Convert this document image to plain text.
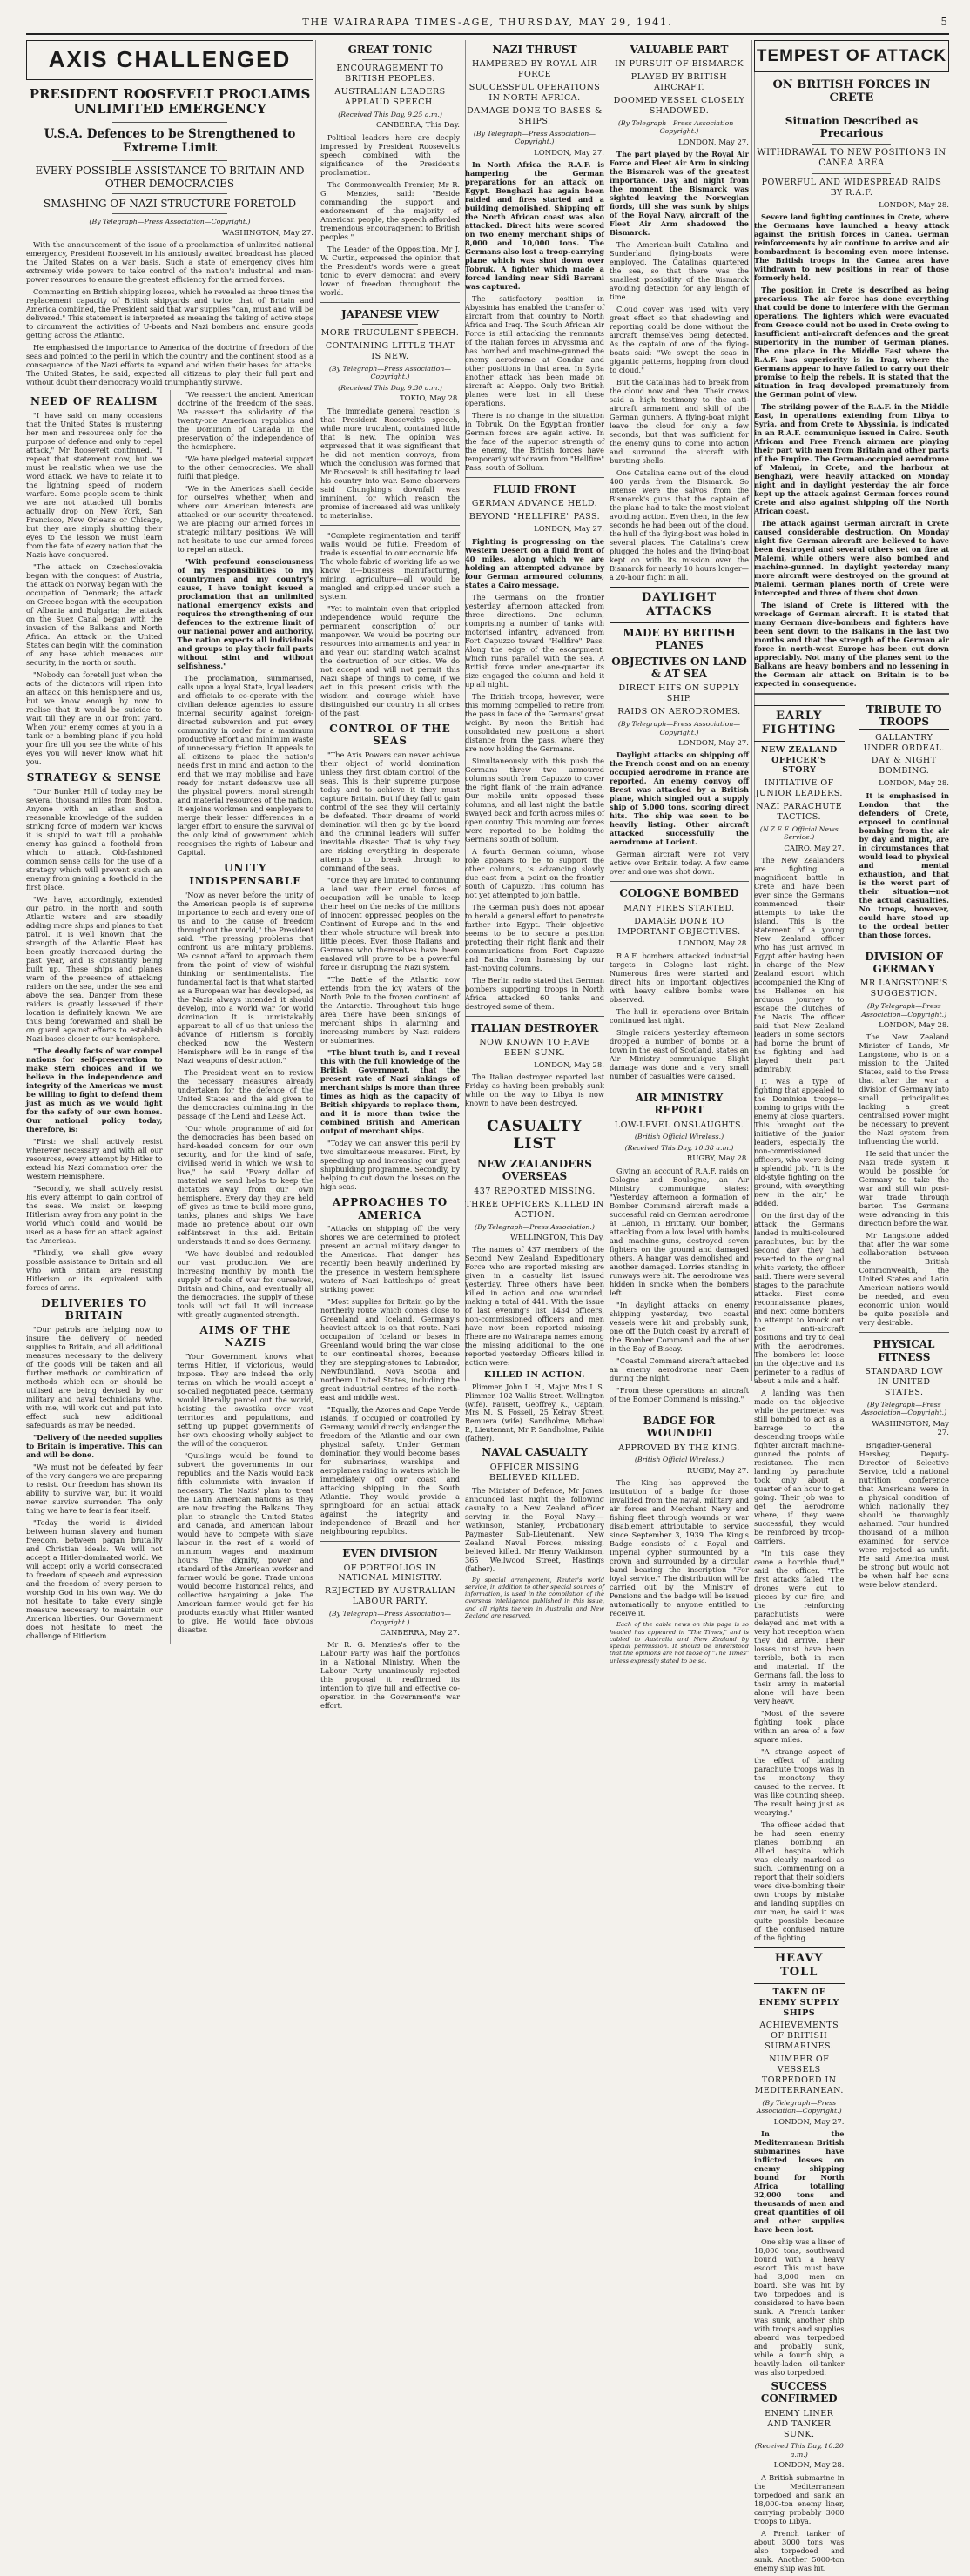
THE WAIRARAPA TIMES-AGE, THURSDAY, MAY 29, 1941.	5
AXIS CHALLENGED
PRESIDENT ROOSEVELT PROCLAIMS UNLIMITED EMERGENCY
U.S.A. Defences to be Strengthened to Extreme Limit
EVERY POSSIBLE ASSISTANCE TO BRITAIN AND OTHER DEMOCRACIES
SMASHING OF NAZI STRUCTURE FORETOLD
(By Telegraph—Press Association—Copyright.)
WASHINGTON, May 27.

With the announcement of the issue of a proclamation of unlimited national emergency, President Roosevelt in his anxiously awaited broadcast has placed the United States on a war basis. Such a state of emergency gives him extremely wide powers to take control of the nation's industrial and man-power resources to ensure the greatest efficiency for the armed forces.

Commenting on British shipping losses, which he revealed as three times the replacement capacity of British shipyards and twice that of Britain and America combined, the President said that war supplies "can, must and will be delivered." This statement is interpreted as meaning the taking of active steps to circumvent the activities of U-boats and Nazi bombers and ensure goods getting across the Atlantic.

He emphasised the importance to America of the doctrine of freedom of the seas and pointed to the peril in which the country and the continent stood as a consequence of the Nazi efforts to expand and widen their bases for attacks. The United States, he said, expected all citizens to play their full part and without doubt their democracy would triumphantly survive.

NEED OF REALISM

"I have said on many occasions that the United States is mustering her men and resources only for the purpose of defence and only to repel attack," Mr Roosevelt continued. "I repeat that statement now, but we must be realistic when we use the word attack. We have to relate it to the lightning speed of modern warfare. Some people seem to think we are not attacked till bombs actually drop on New York, San Francisco, New Orleans or Chicago, but they are simply shutting their eyes to the lesson we must learn from the fate of every nation that the Nazis have conquered.

"The attack on Czechoslovakia began with the conquest of Austria, the attack on Norway began with the occupation of Denmark; the attack on Greece began with the occupation of Albania and Bulgaria; the attack on the Suez Canal began with the invasion of the Balkans and North Africa. An attack on the United States can begin with the domination of any base which menaces our security, in the north or south.

"Nobody can foretell just when the acts of the dictators will ripen into an attack on this hemisphere and us, but we know enough by now to realise that it would be suicide to wait till they are in our front yard. When your enemy comes at you in a tank or a bombing plane if you hold your fire till you see the white of his eyes you will never know what hit you.

STRATEGY & SENSE

"Our Bunker Hill of today may be several thousand miles from Boston. Anyone with an atlas and a reasonable knowledge of the sudden striking force of modern war knows it is stupid to wait till a probable enemy has gained a foothold from which to attack. Old-fashioned common sense calls for the use of a strategy which will prevent such an enemy from gaining a foothold in the first place.

"We have, accordingly, extended our patrol in the north and south Atlantic waters and are steadily adding more ships and planes to that patrol. It is well known that the strength of the Atlantic Fleet has been greatly increased during the past year, and is constantly being built up. These ships and planes warn of the presence of attacking raiders on the sea, under the sea and above the sea. Danger from these raiders is greatly lessened if their location is definitely known. We are thus being forewarned and shall be on guard against efforts to establish Nazi bases closer to our hemisphere.

"The deadly facts of war compel nations for self-preservation to make stern choices and if we believe in the independence and integrity of the Americas we must be willing to fight to defend them just as much as we would fight for the safety of our own homes. Our national policy today, therefore, is:

"First: we shall actively resist wherever necessary and with all our resources, every attempt by Hitler to extend his Nazi domination over the Western Hemisphere.

"Secondly, we shall actively resist his every attempt to gain control of the seas. We insist on keeping Hitlerism away from any point in the world which could and would be used as a base for an attack against the Americas.

"Thirdly, we shall give every possible assistance to Britain and all who with Britain are resisting Hitlerism or its equivalent with forces of arms.

DELIVERIES TO BRITAIN

"Our patrols are helping now to insure the delivery of needed supplies to Britain, and all additional measures necessary to the delivery of the goods will be taken and all further methods or combination of methods which can or should be utilised are being devised by our military and naval technicians who, with me, will work out and put into effect such new additional safeguards as may be needed.

"Delivery of the needed supplies to Britain is imperative. This can and will be done.

"We must not be defeated by fear of the very dangers we are preparing to resist. Our freedom has shown its ability to survive war, but it would never survive surrender. The only thing we have to fear is fear itself.

"Today the world is divided between human slavery and human freedom, between pagan brutality and Christian ideals. We will not accept a Hitler-dominated world. We will accept only a world consecrated to freedom of speech and expression and the freedom of every person to worship God in his own way. We do not hesitate to take every single measure necessary to maintain our American liberties. Our Government does not hesitate to meet the challenge of Hitlerism.

"We reassert the ancient American doctrine of the freedom of the seas. We reassert the solidarity of the twenty-one American republics and the Dominion of Canada in the preservation of the independence of the hemisphere.

"We have pledged material support to the other democracies. We shall fulfil that pledge.

"We in the Americas shall decide for ourselves whether, when and where our American interests are attacked or our security threatened. We are placing our armed forces in strategic military positions. We will not hesitate to use our armed forces to repel an attack.

"With profound consciousness of my responsibilities to my countrymen and my country's cause, I have tonight issued a proclamation that an unlimited national emergency exists and requires the strengthening of our defences to the extreme limit of our national power and authority. The nation expects all individuals and groups to play their full parts without stint and without selfishness."

The proclamation, summarised, calls upon a loyal State, loyal leaders and officials to co-operate with the civilian defence agencies to assure internal security against foreign-directed subversion and put every community in order for a maximum productive effort and minimum waste of unnecessary friction. It appeals to all citizens to place the nation's needs first in mind and action to the end that we may mobilise and have ready for instant defensive use all the physical powers, moral strength and material resources of the nation. It enjoins workmen and employers to merge their lesser differences in a larger effort to ensure the survival of the only kind of government which recognises the rights of Labour and Capital.

UNITY INDISPENSABLE

"Now as never before the unity of the American people is of supreme importance to each and every one of us and to the cause of freedom throughout the world," the President said. "The pressing problems that confront us are military problems. We cannot afford to approach them from the point of view of wishful thinking or sentimentalists. The fundamental fact is that what started as a European war has developed, as the Nazis always intended it should develop, into a world war for world domination. It is unmistakably apparent to all of us that unless the advance of Hitlerism is forcibly checked now the Western Hemisphere will be in range of the Nazi weapons of destruction."

The President went on to review the necessary measures already undertaken for the defence of the United States and the aid given to the democracies culminating in the passage of the Lend and Lease Act.

"Our whole programme of aid for the democracies has been based on hard-headed concern for our own security, and for the kind of safe, civilised world in which we wish to live," he said. "Every dollar of material we send helps to keep the dictators away from our own hemisphere. Every day they are held off gives us time to build more guns, tanks, planes and ships. We have made no pretence about our own self-interest in this aid. Britain understands it and so does Germany.

"We have doubled and redoubled our vast production. We are increasing monthly by month the supply of tools of war for ourselves, Britain and China, and eventually all the democracies. The supply of these tools will not fail. It will increase with greatly augmented strength.

AIMS OF THE NAZIS

"Your Government knows what terms Hitler, if victorious, would impose. They are indeed the only terms on which he would accept a so-called negotiated peace. Germany would literally parcel out the world, hoisting the swastika over vast territories and populations, and setting up puppet governments of her own choosing wholly subject to the will of the conqueror.

"Quislings would be found to subvert the governments in our republics, and the Nazis would back fifth columnists with invasion if necessary. The Nazis' plan to treat the Latin American nations as they are now treating the Balkans. They plan to strangle the United States and Canada, and American labour would have to compete with slave labour in the rest of a world of minimum wages and maximum hours. The dignity, power and standard of the American worker and farmer would be gone. Trade unions would become historical relics, and collective bargaining a joke. The American farmer would get for his products exactly what Hitler wanted to give. He would face obvious disaster.

GREAT TONIC
ENCOURAGEMENT TO BRITISH PEOPLES.
AUSTRALIAN LEADERS APPLAUD SPEECH.
(Received This Day, 9.25 a.m.)
CANBERRA, This Day.

Political leaders here are deeply impressed by President Roosevelt's speech combined with the significance of the President's proclamation.

The Commonwealth Premier, Mr R. G. Menzies, said: "Beside commanding the support and endorsement of the majority of American people, the speech afforded tremendous encouragement to British peoples."

The Leader of the Opposition, Mr J. W. Curtin, expressed the opinion that the President's words were a great tonic to every democrat and every lover of freedom throughout the world.

JAPANESE VIEW
MORE TRUCULENT SPEECH.
CONTAINING LITTLE THAT IS NEW.
(By Telegraph—Press Association—Copyright.)
(Received This Day, 9.30 a.m.)
TOKIO, May 28.

The immediate general reaction is that President Roosevelt's speech, while more truculent, contained little that is new. The opinion was expressed that it was significant that he did not mention convoys, from which the conclusion was formed that Mr Roosevelt is still hesitating to lead his country into war. Some observers said Chungking's downfall was imminent, for which reason the promise of increased aid was unlikely to materialise.

"Complete regimentation and tariff walls would be futile. Freedom of trade is essential to our economic life. The whole fabric of working life as we know it—business manufacturing, mining, agriculture—all would be mangled and crippled under such a system.

"Yet to maintain even that crippled independence would require the permanent conscription of our manpower. We would be pouring our resources into armaments and year in and year out standing watch against the destruction of our cities. We do not accept and will not permit this Nazi shape of things to come, if we act in this present crisis with the wisdom and courage which have distinguished our country in all crises of the past.

CONTROL OF THE SEAS

"The Axis Powers can never achieve their object of world domination unless they first obtain control of the seas. This is their supreme purpose today and to achieve it they must capture Britain. But if they fail to gain control of the sea they will certainly be defeated. Their dreams of world domination will then go by the board and the criminal leaders will suffer inevitable disaster. That is why they are risking everything in desperate attempts to break through to command of the seas.

"Once they are limited to continuing a land war their cruel forces of occupation will be unable to keep their heel on the necks of the millions of innocent oppressed peoples on the Continent of Europe and in the end their whole structure will break into little pieces. Even those Italians and Germans who themselves have been enslaved will prove to be a powerful force in disrupting the Nazi system.

"The Battle of the Atlantic now extends from the icy waters of the North Pole to the frozen continent of the Antarctic. Throughout this huge area there have been sinkings of merchant ships in alarming and increasing numbers by Nazi raiders or submarines.

"The blunt truth is, and I reveal this with the full knowledge of the British Government, that the present rate of Nazi sinkings of merchant ships is more than three times as high as the capacity of British shipyards to replace them, and it is more than twice the combined British and American output of merchant ships.

"Today we can answer this peril by two simultaneous measures. First, by speeding up and increasing our great shipbuilding programme. Secondly, by helping to cut down the losses on the high seas.

APPROACHES TO AMERICA

"Attacks on shipping off the very shores we are determined to protect present an actual military danger to the Americas. That danger has recently been heavily underlined by the presence in western hemisphere waters of Nazi battleships of great striking power.

"Most supplies for Britain go by the northerly route which comes close to Greenland and Iceland. Germany's heaviest attack is on that route. Nazi occupation of Iceland or bases in Greenland would bring the war close to our continental shores, because they are stepping-stones to Labrador, Newfoundland, Nova Scotia and northern United States, including the great industrial centres of the north-east and middle west.

"Equally, the Azores and Cape Verde Islands, if occupied or controlled by Germany, would directly endanger the freedom of the Atlantic and our own physical safety. Under German domination they would become bases for submarines, warships and aeroplanes raiding in waters which lie immediately off our coast and attacking shipping in the South Atlantic. They would provide a springboard for an actual attack against the integrity and independence of Brazil and her neighbouring republics.

EVEN DIVISION
OF PORTFOLIOS IN NATIONAL MINISTRY.
REJECTED BY AUSTRALIAN LABOUR PARTY.
(By Telegraph—Press Association—Copyright.)
CANBERRA, May 27.

Mr R. G. Menzies's offer to the Labour Party was half the portfolios in a National Ministry. When the Labour Party unanimously rejected this proposal it reaffirmed its intention to give full and effective co-operation in the Government's war effort.

NAZI THRUST
HAMPERED BY ROYAL AIR FORCE
SUCCESSFUL OPERATIONS IN NORTH AFRICA.
DAMAGE DONE TO BASES & SHIPS.
(By Telegraph—Press Association—Copyright.)
LONDON, May 27.

In North Africa the R.A.F. is hampering the German preparations for an attack on Egypt. Benghazi has again been raided and fires started and a building demolished. Shipping off the North African coast was also attacked. Direct hits were scored on two enemy merchant ships of 8,000 and 10,000 tons. The Germans also lost a troop-carrying plane which was shot down over Tobruk. A fighter which made a forced landing near Sidi Barrani was captured.

The satisfactory position in Abyssinia has enabled the transfer of aircraft from that country to North Africa and Iraq. The South African Air Force is still attacking the remnants of the Italian forces in Abyssinia and has bombed and machine-gunned the enemy aerodrome at Gondar and other positions in that area. In Syria another attack has been made on aircraft at Aleppo. Only two British planes were lost in all these operations.

There is no change in the situation in Tobruk. On the Egyptian frontier German forces are again active. In the face of the superior strength of the enemy, the British forces have temporarily withdrawn from "Hellfire" Pass, south of Sollum.

FLUID FRONT
GERMAN ADVANCE HELD.
BEYOND "HELLFIRE" PASS.
LONDON, May 27.

Fighting is progressing on the Western Desert on a fluid front of 40 miles, along which we are holding an attempted advance by four German armoured columns, states a Cairo message.

The Germans on the frontier yesterday afternoon attacked from three directions. One column, comprising a number of tanks with motorised infantry, advanced from Fort Capuzzo toward "Hellfire" Pass. Along the edge of the escarpment, which runs parallel with the sea. A British force under one-quarter its size engaged the column and held it up all night.

The British troops, however, were this morning compelled to retire from the pass in face of the Germans' great weight. By noon the British had consolidated new positions a short distance from the pass, where they are now holding the Germans.

Simultaneously with this push the Germans threw two armoured columns south from Capuzzo to cover the right flank of the main advance. Our mobile units opposed these columns, and all last night the battle swayed back and forth across miles of open country. This morning our forces were reported to be holding the Germans south of Sollum.

A fourth German column, whose role appears to be to support the other columns, is advancing slowly due east from a point on the frontier south of Capuzzo. This column has not yet attempted to join battle.

The German push does not appear to herald a general effort to penetrate farther into Egypt. Their objective seems to be to secure a position protecting their right flank and their communications from Fort Capuzzo and Bardia from harassing by our fast-moving columns.

The Berlin radio stated that German bombers supporting troops in North Africa attacked 60 tanks and destroyed some of them.

ITALIAN DESTROYER
NOW KNOWN TO HAVE BEEN SUNK.
LONDON, May 28.

The Italian destroyer reported last Friday as having been probably sunk while on the way to Libya is now known to have been destroyed.

CASUALTY LIST
NEW ZEALANDERS OVERSEAS
437 REPORTED MISSING.
THREE OFFICERS KILLED IN ACTION.
(By Telegraph—Press Association.)
WELLINGTON, This Day.

The names of 437 members of the Second New Zealand Expeditionary Force who are reported missing are given in a casualty list issued yesterday. Three others have been killed in action and one wounded, making a total of 441. With the issue of last evening's list 1434 officers, non-commissioned officers and men have now been reported missing. There are no Wairarapa names among the missing additional to the one reported yesterday. Officers killed in action were:

KILLED IN ACTION.

Plimmer, John L. H., Major, Mrs I. S. Plimmer, 102 Wallis Street, Wellington (wife). Fausett, Geoffrey K., Captain, Mrs M. S. Fossell, 25 Kelray Street, Remuera (wife). Sandholme, Michael P., Lieutenant, Mr P. Sandholme, Paihia (father).

NAVAL CASUALTY
OFFICER MISSING BELIEVED KILLED.

The Minister of Defence, Mr Jones, announced last night the following casualty to a New Zealand officer serving in the Royal Navy:— Watkinson, Stanley, Probationary Paymaster Sub-Lieutenant, New Zealand Naval Forces, missing, believed killed. Mr Henry Watkinson, 365 Wellwood Street, Hastings (father).

By special arrangement, Reuter's world service, in addition to other special sources of information, is used in the compilation of the overseas intelligence published in this issue, and all rights therein in Australia and New Zealand are reserved.

VALUABLE PART
IN PURSUIT OF BISMARCK
PLAYED BY BRITISH AIRCRAFT.
DOOMED VESSEL CLOSELY SHADOWED.
(By Telegraph—Press Association—Copyright.)
LONDON, May 27.

The part played by the Royal Air Force and Fleet Air Arm in sinking the Bismarck was of the greatest importance. Day and night from the moment the Bismarck was sighted leaving the Norwegian fiords, till she was sunk by ships of the Royal Navy, aircraft of the Fleet Air Arm shadowed the Bismarck.

The American-built Catalina and Sunderland flying-boats were employed. The Catalinas quartered the sea, so that there was the smallest possibility of the Bismarck avoiding detection for any length of time.

Cloud cover was used with very great effect so that shadowing and reporting could be done without the aircraft themselves being detected. As the captain of one of the flying-boats said: "We swept the seas in gigantic patterns, hopping from cloud to cloud."

But the Catalinas had to break from the cloud now and then. Their crews said a high testimony to the anti-aircraft armament and skill of the German gunners. A flying-boat might leave the cloud for only a few seconds, but that was sufficient for the enemy guns to come into action and surround the aircraft with bursting shells.

One Catalina came out of the cloud 400 yards from the Bismarck. So intense were the salvos from the Bismarck's guns that the captain of the plane had to take the most violent avoiding action. Even then, in the few seconds he had been out of the cloud, the hull of the flying-boat was holed in several places. The Catalina's crew plugged the holes and the flying-boat kept on with its mission over the Bismarck for nearly 10 hours longer—a 20-hour flight in all.

DAYLIGHT ATTACKS
MADE BY BRITISH PLANES
OBJECTIVES ON LAND & AT SEA
DIRECT HITS ON SUPPLY SHIP.
RAIDS ON AERODROMES.
(By Telegraph—Press Association—Copyright.)
LONDON, May 27.

Daylight attacks on shipping off the French coast and on an enemy occupied aerodrome in France are reported. An enemy convoy off Brest was attacked by a British plane, which singled out a supply ship of 5,000 tons, scoring direct hits. The ship was seen to be heavily listing. Other aircraft attacked successfully the aerodrome at Lorient.

German aircraft were not very active over Britain today. A few came over and one was shot down.

COLOGNE BOMBED
MANY FIRES STARTED.
DAMAGE DONE TO IMPORTANT OBJECTIVES.
LONDON, May 28.

R.A.F. bombers attacked industrial targets in Cologne last night. Numerous fires were started and direct hits on important objectives with heavy calibre bombs were observed.

The hull in operations over Britain continued last night.

Single raiders yesterday afternoon dropped a number of bombs on a town in the east of Scotland, states an Air Ministry communique. Slight damage was done and a very small number of casualties were caused.

AIR MINISTRY REPORT
LOW-LEVEL ONSLAUGHTS.
(British Official Wireless.)
(Received This Day, 10.38 a.m.)
RUGBY, May 28.

Giving an account of R.A.F. raids on Cologne and Boulogne, an Air Ministry communique states: "Yesterday afternoon a formation of Bomber Command aircraft made a successful raid on German aerodrome at Lanion, in Brittany. Our bomber, attacking from a low level with bombs and machine-guns, destroyed seven fighters on the ground and damaged others. A hangar was demolished and another damaged. Lorries standing in runways were hit. The aerodrome was hidden in smoke when the bombers left.

"In daylight attacks on enemy shipping yesterday, two coastal vessels were hit and probably sunk, one off the Dutch coast by aircraft of the Bomber Command and the other in the Bay of Biscay.

"Coastal Command aircraft attacked an enemy aerodrome near Caen during the night.

"From these operations an aircraft of the Bomber Command is missing."

BADGE FOR WOUNDED
APPROVED BY THE KING.
(British Official Wireless.)
RUGBY, May 27.

The King has approved the institution of a badge for those invalided from the naval, military and air forces and Merchant Navy and fishing fleet through wounds or war disablement attributable to service since September 3, 1939. The King's Badge consists of a Royal and Imperial cypher surmounted by a crown and surrounded by a circular band bearing the inscription "For loyal service." The distribution will be carried out by the Ministry of Pensions and the badge will be issued automatically to anyone entitled to receive it.

Each of the cable news on this page is so headed has appeared in "The Times," and is cabled to Australia and New Zealand by special permission. It should be understood that the opinions are not those of "The Times" unless expressly stated to be so.

TEMPEST OF ATTACK
ON BRITISH FORCES IN CRETE
Situation Described as Precarious
WITHDRAWAL TO NEW POSITIONS IN CANEA AREA
POWERFUL AND WIDESPREAD RAIDS BY R.A.F.
LONDON, May 28.

Severe land fighting continues in Crete, where the Germans have launched a heavy attack against the British forces in Canea. German reinforcements by air continue to arrive and air bombardment is becoming even more intense. The British troops in the Canea area have withdrawn to new positions in rear of those formerly held.

The position in Crete is described as being precarious. The air force has done everything that could be done to interfere with the German operations. The fighters which were evacuated from Greece could not be used in Crete owing to insufficient anti-aircraft defences and the great superiority in the number of German planes. The one place in the Middle East where the R.A.F. has superiority is in Iraq, where the Germans appear to have failed to carry out their promise to help the rebels. It is stated that the situation in Iraq developed prematurely from the German point of view.

The striking power of the R.A.F. in the Middle East, in operations extending from Libya to Syria, and from Crete to Abyssinia, is indicated in an R.A.F. communique issued in Cairo. South African and Free French airmen are playing their part with men from Britain and other parts of the Empire. The German-occupied aerodrome of Malemi, in Crete, and the harbour at Benghazi, were heavily attacked on Monday night and in daylight yesterday the air force kept up the attack against German forces round Crete and also against shipping off the North African coast.

The attack against German aircraft in Crete caused considerable destruction. On Monday night five German aircraft are believed to have been destroyed and several others set on fire at Malemi, while others were also bombed and machine-gunned. In daylight yesterday many more aircraft were destroyed on the ground at Malemi. German planes north of Crete were intercepted and three of them shot down.

The island of Crete is littered with the wreckage of German aircraft. It is stated that many German dive-bombers and fighters have been sent down to the Balkans in the last two months and that the strength of the German air force in north-west Europe has been cut down appreciably. Not many of the planes sent to the Balkans are heavy bombers and no lessening in the German air attack on Britain is to be expected in consequence.

EARLY FIGHTING
NEW ZEALAND OFFICER'S STORY
INITIATIVE OF JUNIOR LEADERS.
NAZI PARACHUTE TACTICS.
(N.Z.E.F. Official News Service.)
CAIRO, May 27.

The New Zealanders are fighting a magnificent battle in Crete and have been ever since the Germans commenced their attempts to take the island. This is the statement of a young New Zealand officer who has just arrived in Egypt after having been in charge of the New Zealand escort which accompanied the King of the Hellenes on his arduous journey to escape the clutches of the Nazis. The officer said that New Zealand leaders in some sectors had borne the brunt of the fighting and had played their part admirably.

It was a type of fighting that appealed to the Dominion troops—coming to grips with the enemy at close quarters. This brought out the initiative of the junior leaders, especially the non-commissioned officers, who were doing a splendid job. "It is the old-style fighting on the ground, with everything new in the air," he added.

On the first day of the attack the Germans landed in multi-coloured parachutes, but by the second day they had reverted to the original white variety, the officer said. There were several stages to the parachute attacks. First come reconnaissance planes, and next come bombers to attempt to knock out the anti-aircraft positions and try to deal with the aerodromes. The bombers let loose on the objective and its perimeter to a radius of about a mile and a half.

A landing was then made on the objective while the perimeter was still bombed to act as a barrage to the descending troops while fighter aircraft machine-gunned the points of resistance. The men landing by parachute took only about a quarter of an hour to get going. Their job was to get the aerodrome where, if they were successful, they would be reinforced by troop-carriers.

"In this case they came a horrible thud," said the officer. "The first attacks failed. The drones were cut to pieces by our fire, and the reinforcing parachutists were delayed and met with a very hot reception when they did arrive. Their losses must have been terrible, both in men and material. If the Germans fail, the loss to their army in material alone will have been very heavy.

"Most of the severe fighting took place within an area of a few square miles.

"A strange aspect of the effect of landing parachute troops was in the monotony they caused to the nerves. It was like counting sheep. The result being just as wearying."

The officer added that he had seen enemy planes bombing an Allied hospital which was clearly marked as such. Commenting on a report that their soldiers were dive-bombing their own troops by mistake and landing supplies on our men, he said it was quite possible because of the confused nature of the fighting.

HEAVY TOLL
TAKEN OF ENEMY SUPPLY SHIPS
ACHIEVEMENTS OF BRITISH SUBMARINES.
NUMBER OF VESSELS TORPEDOED IN MEDITERRANEAN.
(By Telegraph—Press Association—Copyright.)
LONDON, May 27.

In the Mediterranean British submarines have inflicted losses on enemy shipping bound for North Africa totalling 32,000 tons and thousands of men and great quantities of oil and other supplies have been lost.

One ship was a liner of 18,000 tons, southward bound with a heavy escort. This must have had 3,000 men on board. She was hit by two torpedoes and is considered to have been sunk. A French tanker was sunk, another ship with troops and supplies aboard was torpedoed and probably sunk, while a fourth ship, a heavily-laden oil-tanker was also torpedoed.

SUCCESS CONFIRMED
ENEMY LINER AND TANKER SUNK.
(Received This Day, 10.20 a.m.)
LONDON, May 28.

A British submarine in the Mediterranean torpedoed and sank an 18,000-ton enemy liner, carrying probably 3000 troops to Libya.

A French tanker of about 3000 tons was also torpedoed and sunk. Another 5000-ton enemy ship was hit.

TRIBUTE TO TROOPS
GALLANTRY UNDER ORDEAL.
DAY & NIGHT BOMBING.
LONDON, May 28.

It is emphasised in London that the defenders of Crete, exposed to continual bombing from the air by day and night, are in circumstances that would lead to physical and mental exhaustion, and that is the worst part of their situation—not the actual casualties. No troops, however, could have stood up to the ordeal better than those forces.

DIVISION OF GERMANY
MR LANGSTONE'S SUGGESTION.
(By Telegraph—Press Association—Copyright.)
LONDON, May 28.

The New Zealand Minister of Lands, Mr Langstone, who is on a mission to the United States, said to the Press that after the war a division of Germany into small principalities lacking a great centralised Power might be necessary to prevent the Nazi system from influencing the world.

He said that under the Nazi trade system it would be possible for Germany to take the war and still win post-war trade through barter. The Germans were advancing in this direction before the war.

Mr Langstone added that after the war some collaboration between the British Commonwealth, the United States and Latin American nations would be needed, and even economic union would be quite possible and very desirable.

PHYSICAL FITNESS
STANDARD LOW IN UNITED STATES.
(By Telegraph—Press Association—Copyright.)
WASHINGTON, May 27.

Brigadier-General Hershey, Deputy-Director of Selective Service, told a national nutrition conference that Americans were in a physical condition of which nationally they should be thoroughly ashamed. Four hundred thousand of a million examined for service were rejected as unfit. He said America must be strong but would not be when half her sons were below standard.
